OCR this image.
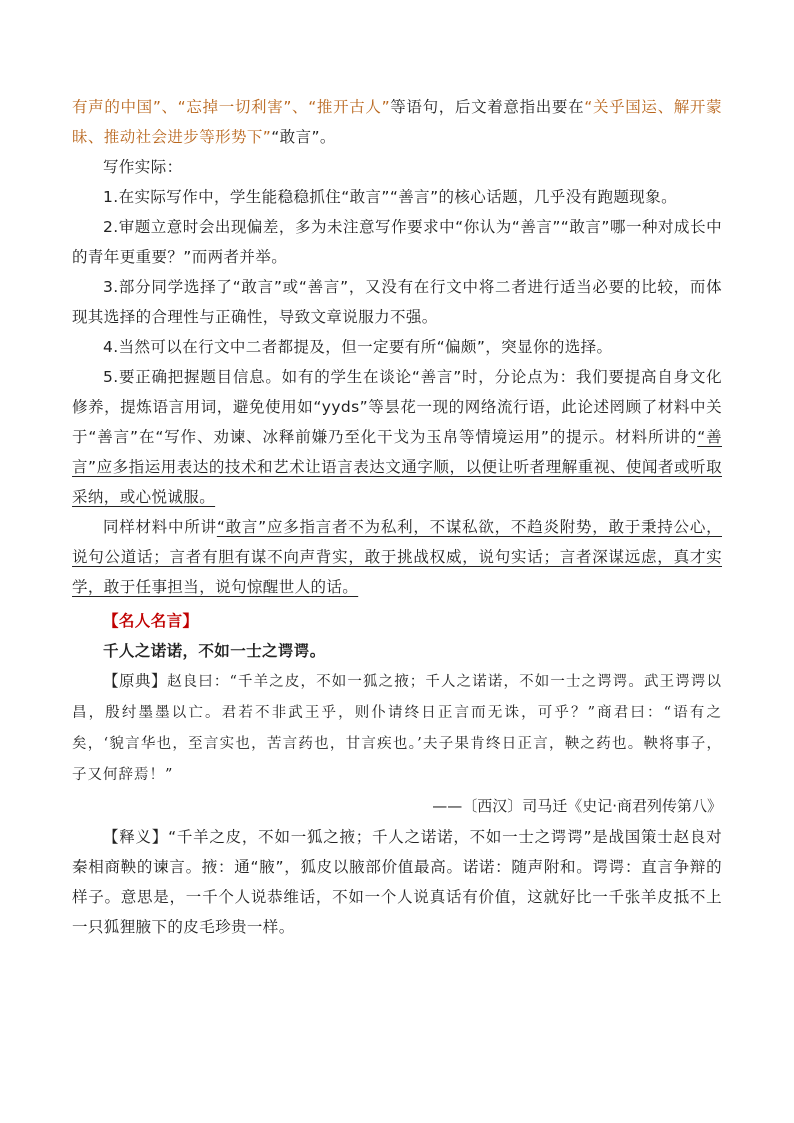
有声的中国”、“忘掉一切利害”、“推开古人”等语句，后文着意指出要在“关乎国运、解开蒙昧、推动社会进步等形势下”“敢言”。

写作实际：

1.在实际写作中，学生能稳稳抓住“敢言”“善言”的核心话题，几乎没有跑题现象。

2.审题立意时会出现偏差，多为未注意写作要求中“你认为“善言”“敢言”哪一种对成长中的青年更重要？”而两者并举。

3.部分同学选择了“敢言”或“善言”，又没有在行文中将二者进行适当必要的比较，而体现其选择的合理性与正确性，导致文章说服力不强。

4.当然可以在行文中二者都提及，但一定要有所“偏颇”，突显你的选择。

5.要正确把握题目信息。如有的学生在谈论“善言”时，分论点为：我们要提高自身文化修养，提炼语言用词，避免使用如“yyds”等昙花一现的网络流行语，此论述罔顾了材料中关于“善言”在“写作、劝谏、冰释前嫌乃至化干戈为玉帛等情境运用”的提示。材料所讲的“善言”应多指运用表达的技术和艺术让语言表达文通字顺，以便让听者理解重视、使闻者或听取采纳，或心悦诚服。

同样材料中所讲“敢言”应多指言者不为私利，不谋私欲，不趋炎附势，敢于秉持公心，说句公道话；言者有胆有谋不向声背实，敢于挑战权威，说句实话；言者深谋远虑，真才实学，敢于任事担当，说句惊醒世人的话。

【名人名言】

千人之诺诺，不如一士之谔谔。

【原典】赵良曰：“千羊之皮，不如一狐之掖；千人之诺诺，不如一士之谔谔。武王谔谔以昌，殷纣墨墨以亡。君若不非武王乎，则仆请终日正言而无诛，可乎？”商君曰：“语有之矣，‘貌言华也，至言实也，苦言药也，甘言疾也。’夫子果肯终日正言，鞅之药也。鞅将事子，子又何辞焉！”

——〔西汉〕司马迁《史记·商君列传第八》

【释义】“千羊之皮，不如一狐之掖；千人之诺诺，不如一士之谔谔”是战国策士赵良对秦相商鞅的谏言。掖：通“腋”，狐皮以腋部价值最高。诺诺：随声附和。谔谔：直言争辩的样子。意思是，一千个人说恭维话，不如一个人说真话有价值，这就好比一千张羊皮抵不上一只狐狸腋下的皮毛珍贵一样。
